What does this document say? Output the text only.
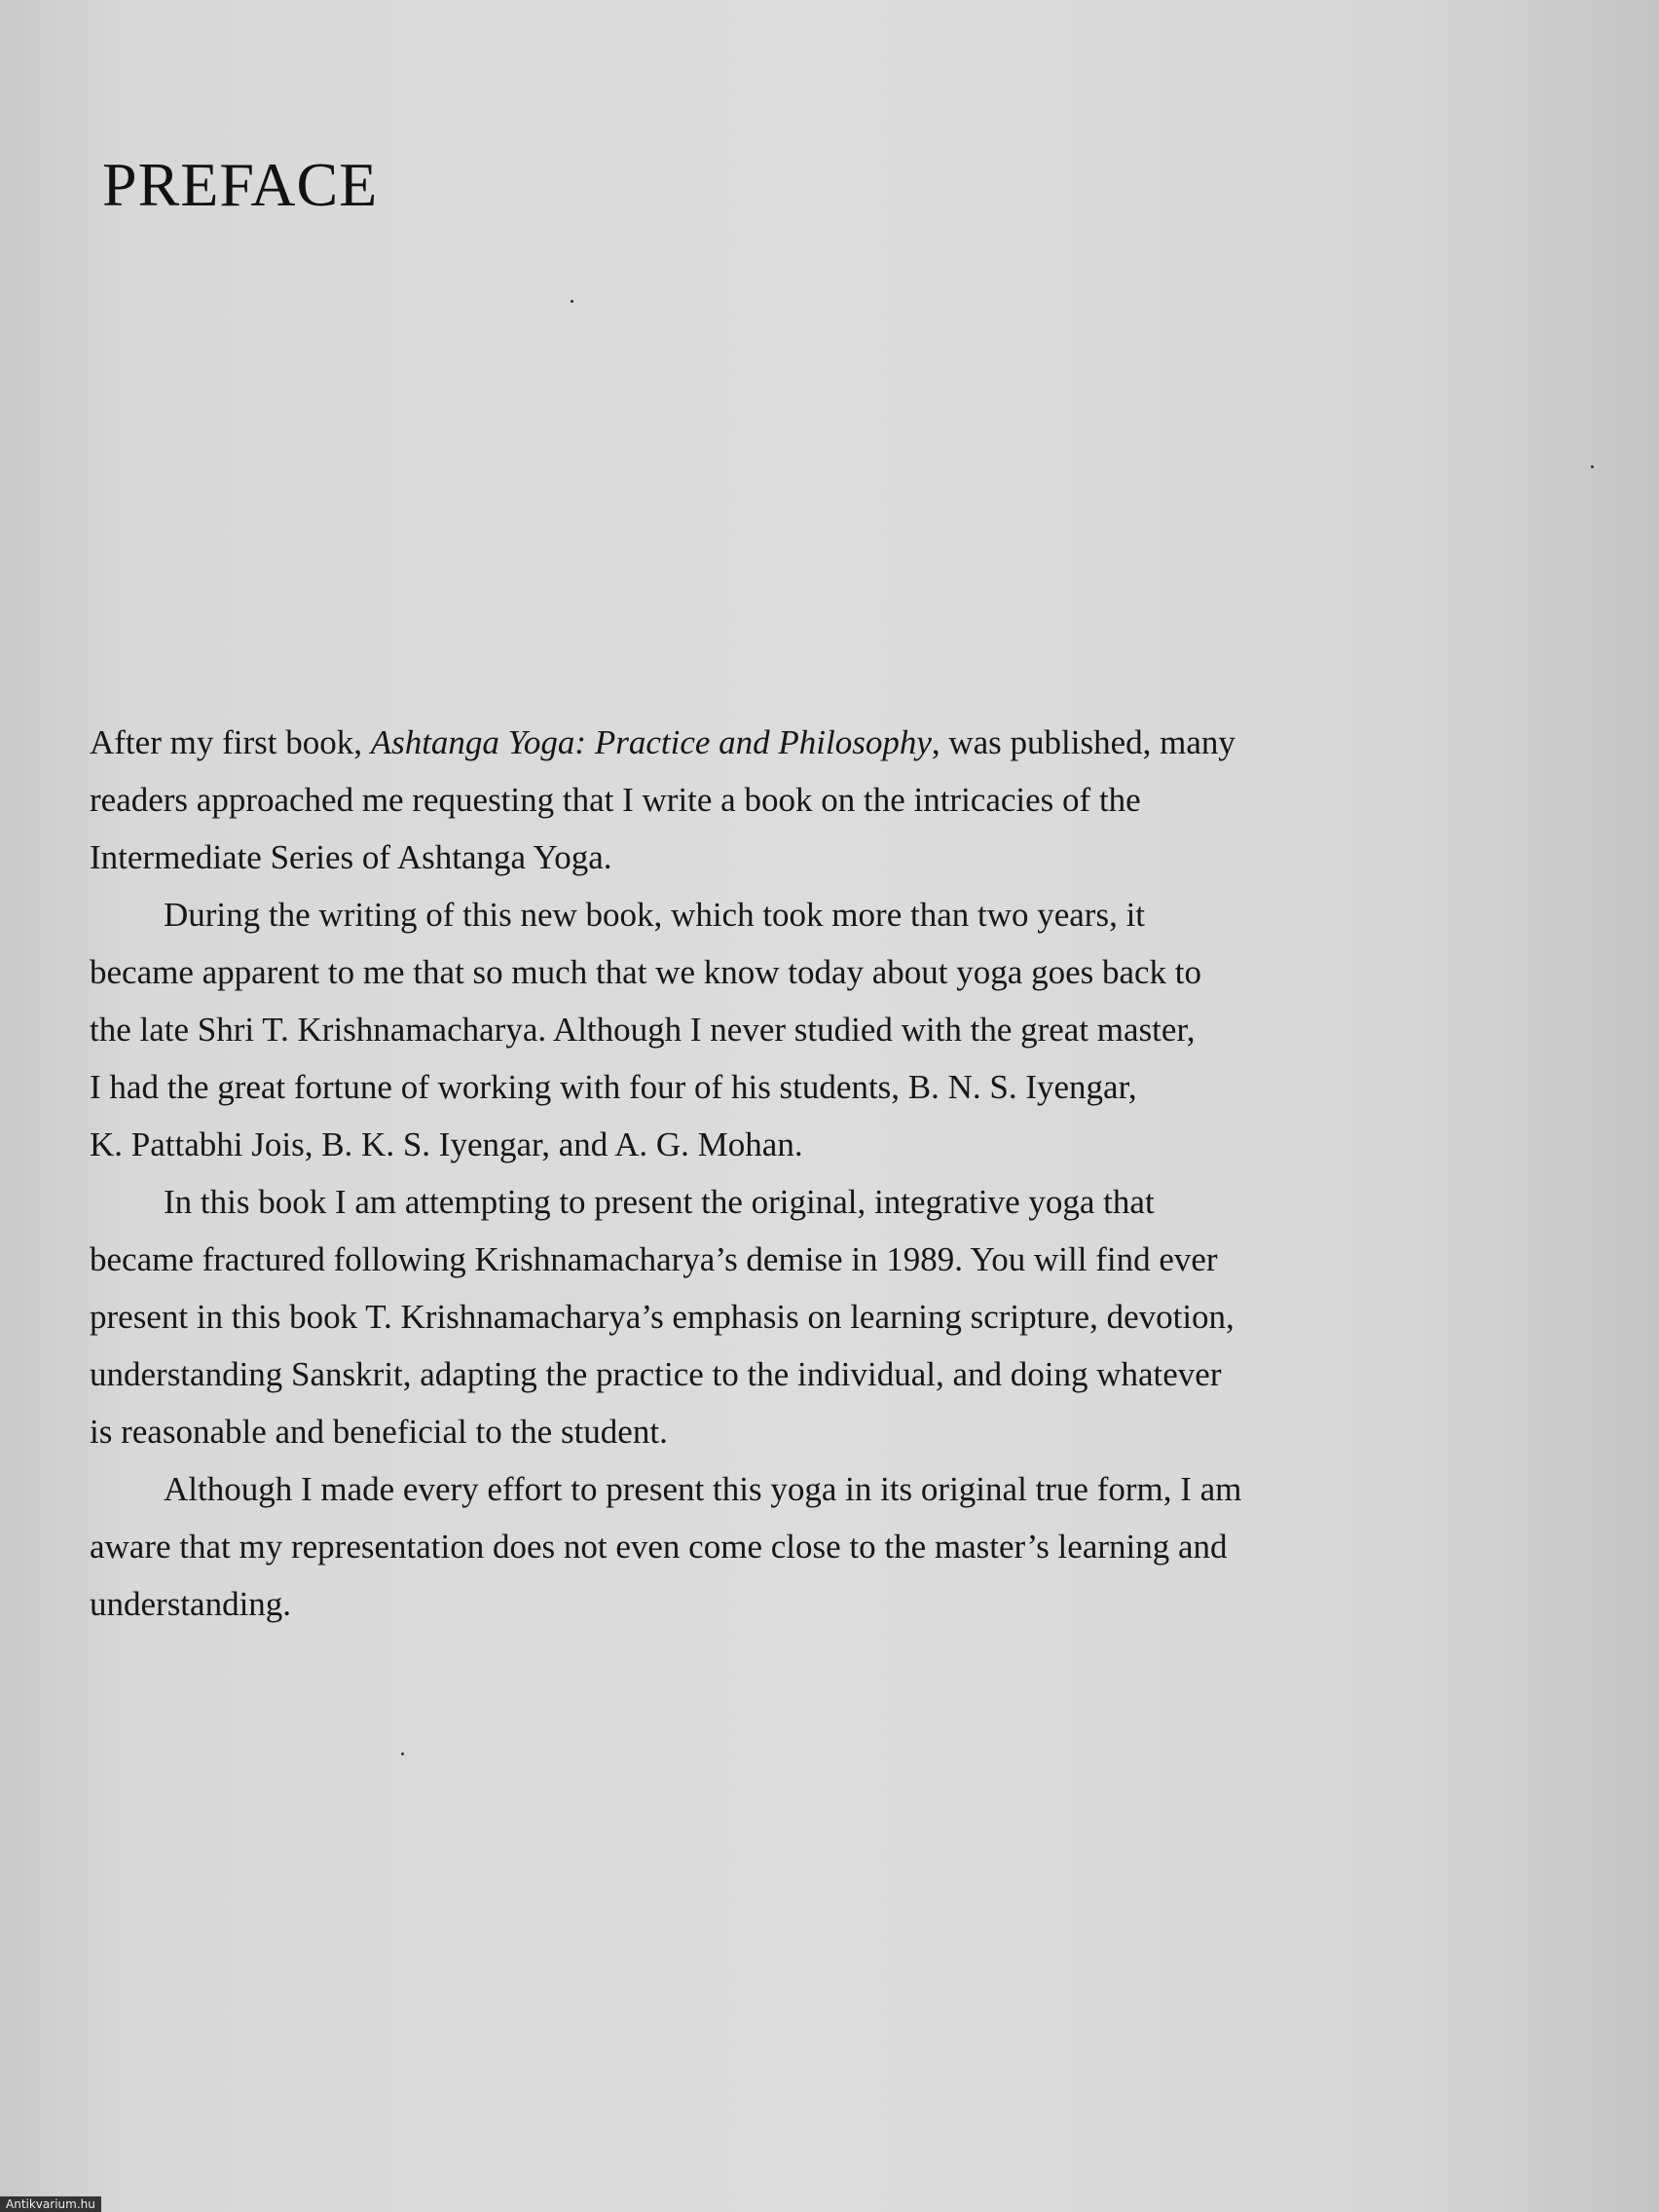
PREFACE

After my first book, Ashtanga Yoga: Practice and Philosophy, was published, many

readers approached me requesting that I write a book on the intricacies of the

Intermediate Series of Ashtanga Yoga.

During the writing of this new book, which took more than two years, it

became apparent to me that so much that we know today about yoga goes back to

the late Shri T. Krishnamacharya. Although I never studied with the great master,

I had the great fortune of working with four of his students, B. N. S. Iyengar,

K. Pattabhi Jois, B. K. S. Iyengar, and A. G. Mohan.

In this book I am attempting to present the original, integrative yoga that

became fractured following Krishnamacharya’s demise in 1989. You will find ever

present in this book T. Krishnamacharya’s emphasis on learning scripture, devotion,

understanding Sanskrit, adapting the practice to the individual, and doing whatever

is reasonable and beneficial to the student.

Although I made every effort to present this yoga in its original true form, I am

aware that my representation does not even come close to the master’s learning and

understanding.

Antikvarium.hu
